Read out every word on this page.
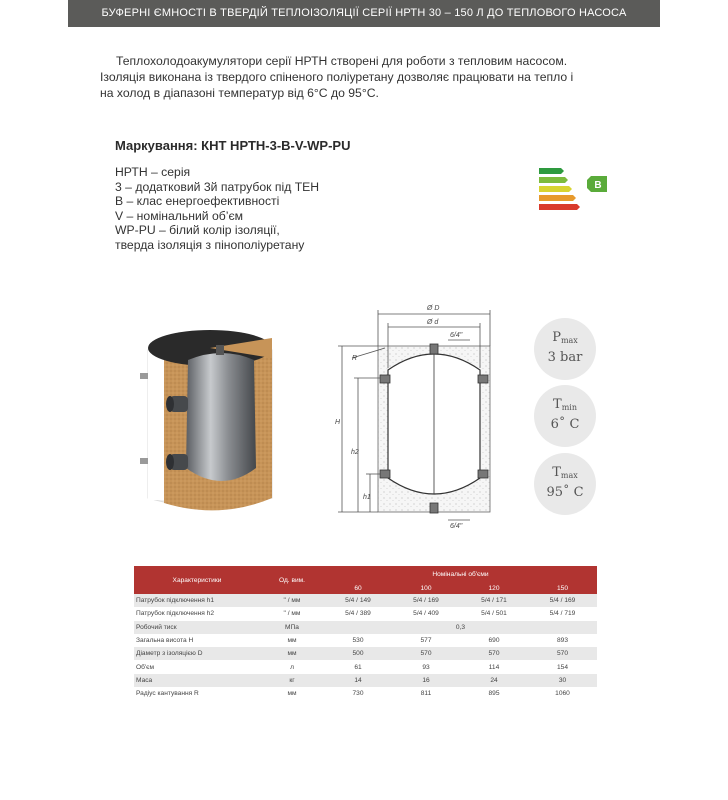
БУФЕРНІ ЄМНОСТІ В ТВЕРДІЙ ТЕПЛОІЗОЛЯЦІЇ СЕРІЇ НРТН 30 – 150 Л ДО ТЕПЛОВОГО НАСОСА

Теплохолодоакумулятори серії НРТН створені для роботи з тепловим насосом.

Ізоляція виконана із твердого спіненого поліуретану дозволяє працювати на тепло і

на холод в діапазоні температур від 6°С до 95°С.

Маркування: КНТ НРТН-3-B-V-WP-PU
НРТН – серія
3 – додатковий 3й патрубок під ТЕН
B – клас енергоефективності
V – номінальний об’єм
WP-PU – білий колір ізоляції,
тверда ізоляція з пінополіуретану
B
Ø D
Ø d
6/4"
6/4"
R
H
h2
h1
$P_{max}$
3 bar
$T_{min}$
6˚ C
$T_{max}$
95˚ C
Характеристики	Од. вим.	Номінальні об'єми			
		60	100	120	150
Патрубок підключення h1	" / мм	5/4 / 149	5/4 / 169	5/4 / 171	5/4 / 169
Патрубок підключення h2	" / мм	5/4 / 389	5/4 / 409	5/4 / 501	5/4 / 719
Робочий тиск	МПа	0,3			
Загальна висота H	мм	530	577	690	893
Діаметр з ізоляцією D	мм	500	570	570	570
Об'єм	л	61	93	114	154
Маса	кг	14	16	24	30
Радіус кантування R	мм	730	811	895	1060
